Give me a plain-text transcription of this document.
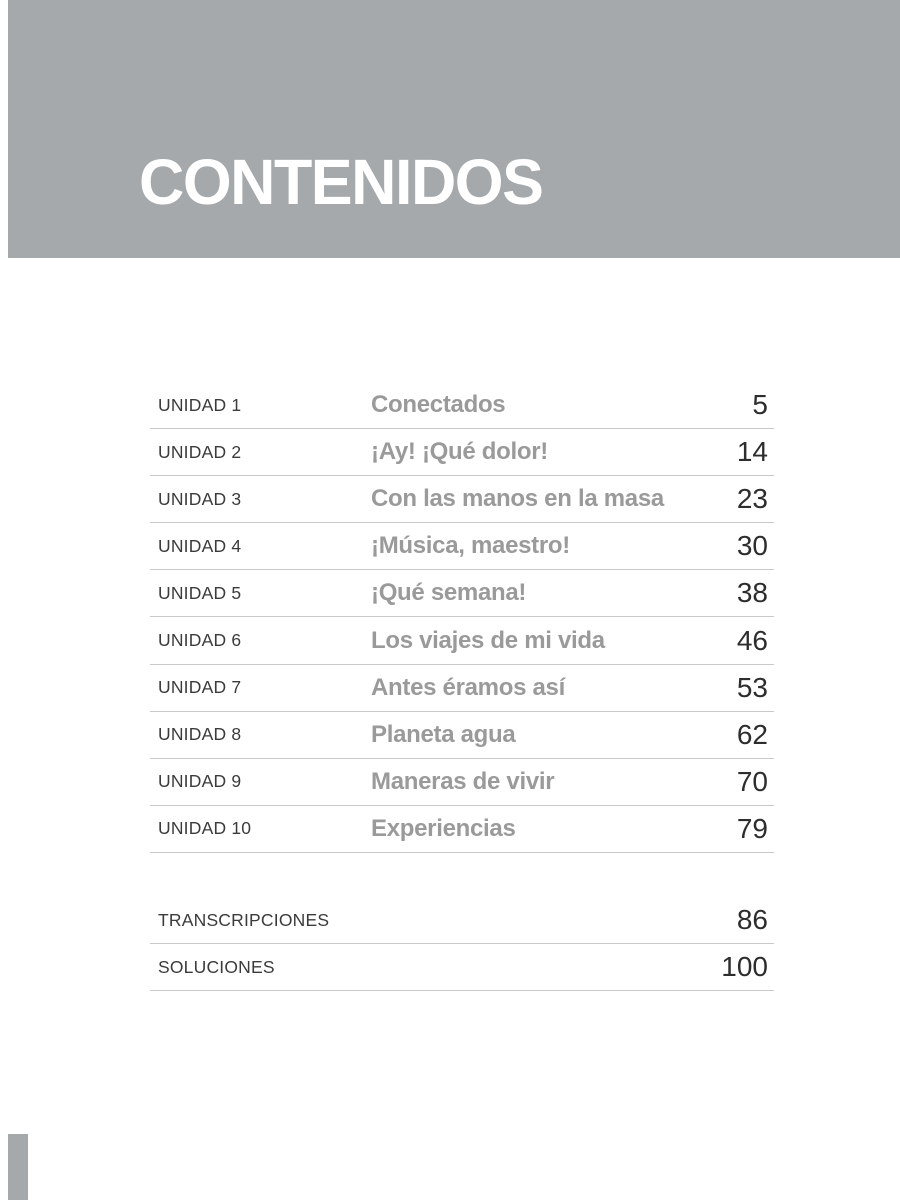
CONTENIDOS
UNIDAD 1	Conectados	5
UNIDAD 2	¡Ay! ¡Qué dolor!	14
UNIDAD 3	Con las manos en la masa	23
UNIDAD 4	¡Música, maestro!	30
UNIDAD 5	¡Qué semana!	38
UNIDAD 6	Los viajes de mi vida	46
UNIDAD 7	Antes éramos así	53
UNIDAD 8	Planeta agua	62
UNIDAD 9	Maneras de vivir	70
UNIDAD 10	Experiencias	79
TRANSCRIPCIONES	86
SOLUCIONES	100
